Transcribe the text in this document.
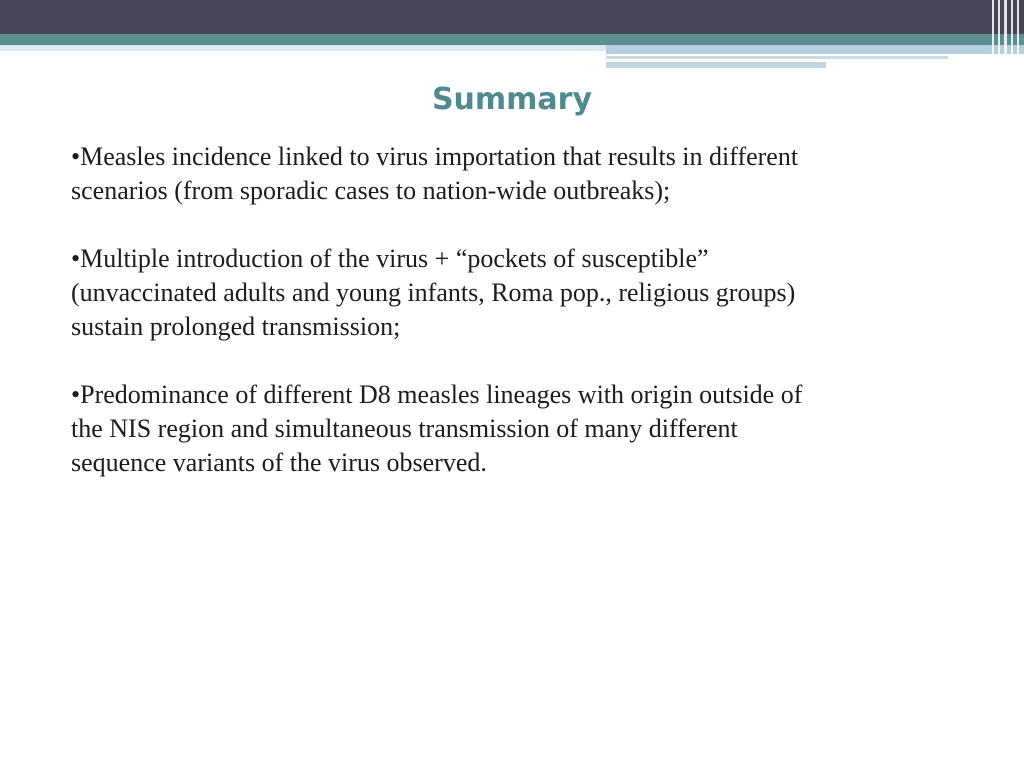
Summary
•Measles incidence linked to virus importation that results in different
scenarios (from sporadic cases to nation-wide outbreaks);
•Multiple introduction of the virus + “pockets of susceptible”
(unvaccinated adults and young infants, Roma pop., religious groups)
sustain prolonged transmission;
•Predominance of different D8 measles lineages with origin outside of
the NIS region and simultaneous transmission of many different
sequence variants of the virus observed.
